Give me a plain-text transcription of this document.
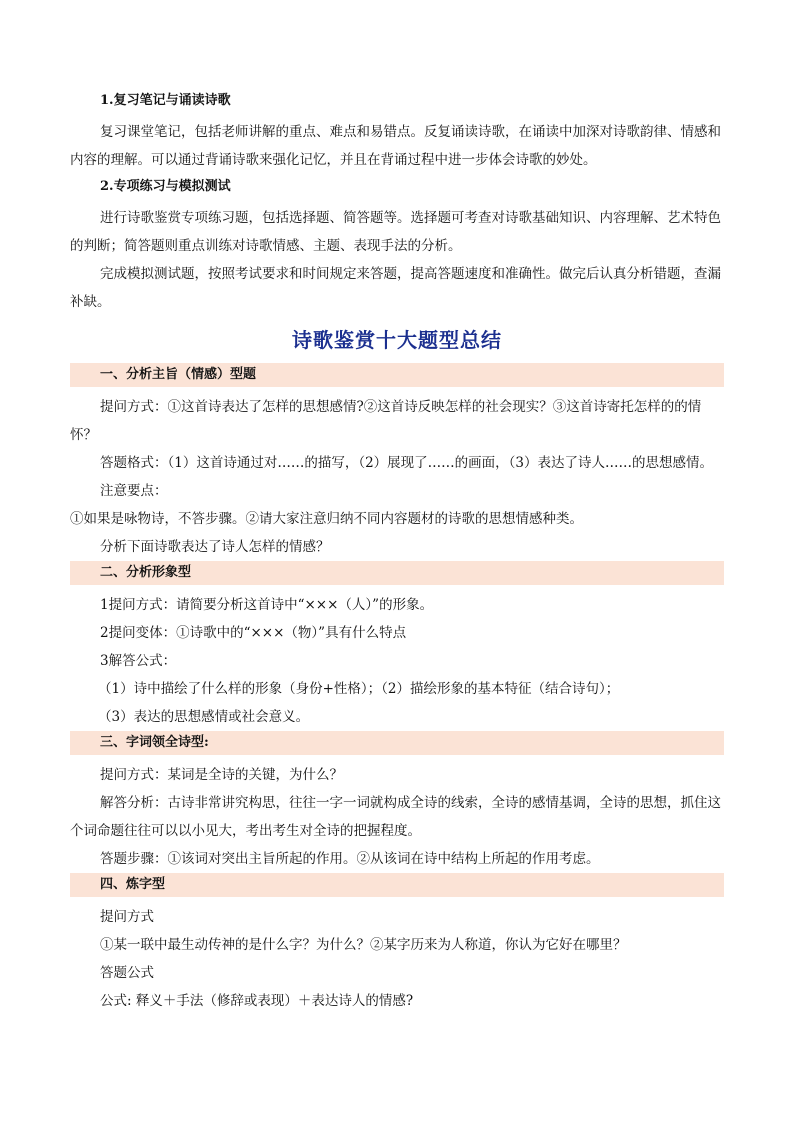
1.复习笔记与诵读诗歌

复习课堂笔记，包括老师讲解的重点、难点和易错点。反复诵读诗歌，在诵读中加深对诗歌韵律、情感和内容的理解。可以通过背诵诗歌来强化记忆，并且在背诵过程中进一步体会诗歌的妙处。

2.专项练习与模拟测试

进行诗歌鉴赏专项练习题，包括选择题、简答题等。选择题可考查对诗歌基础知识、内容理解、艺术特色的判断；简答题则重点训练对诗歌情感、主题、表现手法的分析。

完成模拟测试题，按照考试要求和时间规定来答题，提高答题速度和准确性。做完后认真分析错题，查漏补缺。

诗歌鉴赏十大题型总结
一、分析主旨（情感）型题

提问方式：①这首诗表达了怎样的思想感情?②这首诗反映怎样的社会现实？③这首诗寄托怎样的的情怀？

答题格式：（1）这首诗通过对……的描写，（2）展现了……的画面，（3）表达了诗人……的思想感情。

注意要点：

①如果是咏物诗，不答步骤。②请大家注意归纳不同内容题材的诗歌的思想情感种类。

分析下面诗歌表达了诗人怎样的情感？

二、分析形象型

1提问方式：请简要分析这首诗中“×××（人）”的形象。

2提问变体：①诗歌中的“×××（物）”具有什么特点

3解答公式：

（1）诗中描绘了什么样的形象（身份+性格）；（2）描绘形象的基本特征（结合诗句）；

（3）表达的思想感情或社会意义。

三、字词领全诗型:

提问方式：某词是全诗的关键，为什么？

解答分析：古诗非常讲究构思，往往一字一词就构成全诗的线索，全诗的感情基调，全诗的思想，抓住这个词命题往往可以以小见大，考出考生对全诗的把握程度。

答题步骤：①该词对突出主旨所起的作用。②从该词在诗中结构上所起的作用考虑。

四、炼字型

提问方式

①某一联中最生动传神的是什么字？为什么？②某字历来为人称道，你认为它好在哪里？

答题公式

公式: 释义＋手法（修辞或表现）＋表达诗人的情感?
